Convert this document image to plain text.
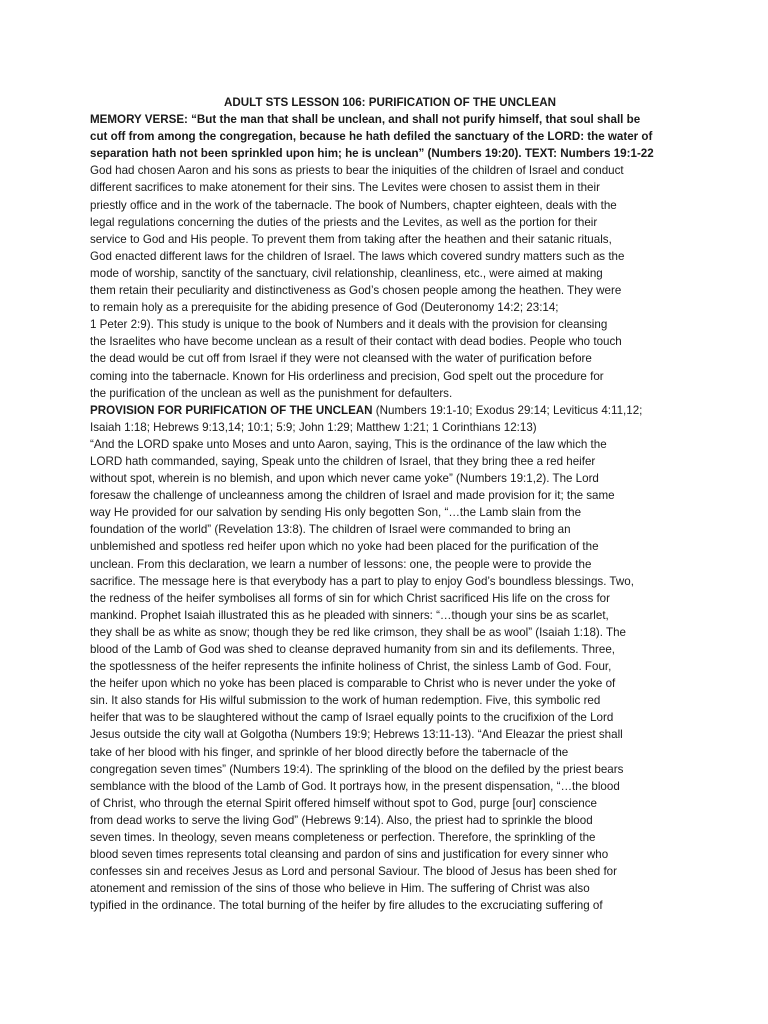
ADULT STS LESSON 106: PURIFICATION OF THE UNCLEAN
MEMORY VERSE: “But the man that shall be unclean, and shall not purify himself, that soul shall be
cut off from among the congregation, because he hath defiled the sanctuary of the LORD: the water of
separation hath not been sprinkled upon him; he is unclean” (Numbers 19:20). TEXT: Numbers 19:1-22
God had chosen Aaron and his sons as priests to bear the iniquities of the children of Israel and conduct
different sacrifices to make atonement for their sins. The Levites were chosen to assist them in their
priestly office and in the work of the tabernacle. The book of Numbers, chapter eighteen, deals with the
legal regulations concerning the duties of the priests and the Levites, as well as the portion for their
service to God and His people. To prevent them from taking after the heathen and their satanic rituals,
God enacted different laws for the children of Israel. The laws which covered sundry matters such as the
mode of worship, sanctity of the sanctuary, civil relationship, cleanliness, etc., were aimed at making
them retain their peculiarity and distinctiveness as God’s chosen people among the heathen. They were
to remain holy as a prerequisite for the abiding presence of God (Deuteronomy 14:2; 23:14;
1 Peter 2:9). This study is unique to the book of Numbers and it deals with the provision for cleansing
the Israelites who have become unclean as a result of their contact with dead bodies. People who touch
the dead would be cut off from Israel if they were not cleansed with the water of purification before
coming into the tabernacle. Known for His orderliness and precision, God spelt out the procedure for
the purification of the unclean as well as the punishment for defaulters.
PROVISION FOR PURIFICATION OF THE UNCLEAN (Numbers 19:1-10; Exodus 29:14; Leviticus 4:11,12;
Isaiah 1:18; Hebrews 9:13,14; 10:1; 5:9; John 1:29; Matthew 1:21; 1 Corinthians 12:13)
“And the LORD spake unto Moses and unto Aaron, saying, This is the ordinance of the law which the
LORD hath commanded, saying, Speak unto the children of Israel, that they bring thee a red heifer
without spot, wherein is no blemish, and upon which never came yoke” (Numbers 19:1,2). The Lord
foresaw the challenge of uncleanness among the children of Israel and made provision for it; the same
way He provided for our salvation by sending His only begotten Son, “…the Lamb slain from the
foundation of the world” (Revelation 13:8). The children of Israel were commanded to bring an
unblemished and spotless red heifer upon which no yoke had been placed for the purification of the
unclean. From this declaration, we learn a number of lessons: one, the people were to provide the
sacrifice. The message here is that everybody has a part to play to enjoy God’s boundless blessings. Two,
the redness of the heifer symbolises all forms of sin for which Christ sacrificed His life on the cross for
mankind. Prophet Isaiah illustrated this as he pleaded with sinners: “…though your sins be as scarlet,
they shall be as white as snow; though they be red like crimson, they shall be as wool” (Isaiah 1:18). The
blood of the Lamb of God was shed to cleanse depraved humanity from sin and its defilements. Three,
the spotlessness of the heifer represents the infinite holiness of Christ, the sinless Lamb of God. Four,
the heifer upon which no yoke has been placed is comparable to Christ who is never under the yoke of
sin. It also stands for His wilful submission to the work of human redemption. Five, this symbolic red
heifer that was to be slaughtered without the camp of Israel equally points to the crucifixion of the Lord
Jesus outside the city wall at Golgotha (Numbers 19:9; Hebrews 13:11-13). “And Eleazar the priest shall
take of her blood with his finger, and sprinkle of her blood directly before the tabernacle of the
congregation seven times” (Numbers 19:4). The sprinkling of the blood on the defiled by the priest bears
semblance with the blood of the Lamb of God. It portrays how, in the present dispensation, “…the blood
of Christ, who through the eternal Spirit offered himself without spot to God, purge [our] conscience
from dead works to serve the living God” (Hebrews 9:14). Also, the priest had to sprinkle the blood
seven times. In theology, seven means completeness or perfection. Therefore, the sprinkling of the
blood seven times represents total cleansing and pardon of sins and justification for every sinner who
confesses sin and receives Jesus as Lord and personal Saviour. The blood of Jesus has been shed for
atonement and remission of the sins of those who believe in Him. The suffering of Christ was also
typified in the ordinance. The total burning of the heifer by fire alludes to the excruciating suffering of
